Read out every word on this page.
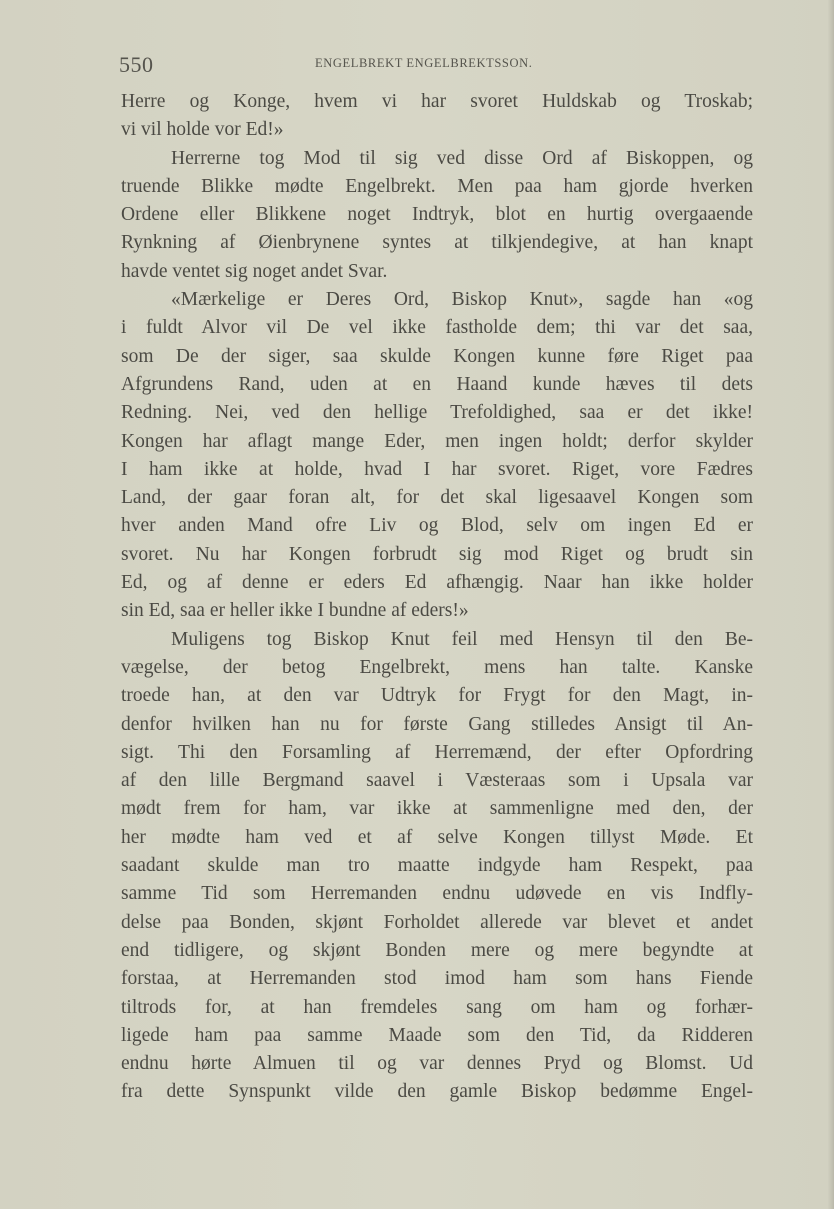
550	ENGELBREKT ENGELBREKTSSON.
Herre og Konge, hvem vi har svoret Huldskab og Troskab;
vi vil holde vor Ed!»
Herrerne tog Mod til sig ved disse Ord af Biskoppen, og
truende Blikke mødte Engelbrekt. Men paa ham gjorde hverken
Ordene eller Blikkene noget Indtryk, blot en hurtig overgaaende
Rynkning af Øienbrynene syntes at tilkjendegive, at han knapt
havde ventet sig noget andet Svar.
«Mærkelige er Deres Ord, Biskop Knut», sagde han «og
i fuldt Alvor vil De vel ikke fastholde dem; thi var det saa,
som De der siger, saa skulde Kongen kunne føre Riget paa
Afgrundens Rand, uden at en Haand kunde hæves til dets
Redning. Nei, ved den hellige Trefoldighed, saa er det ikke!
Kongen har aflagt mange Eder, men ingen holdt; derfor skylder
I ham ikke at holde, hvad I har svoret. Riget, vore Fædres
Land, der gaar foran alt, for det skal ligesaavel Kongen som
hver anden Mand ofre Liv og Blod, selv om ingen Ed er
svoret. Nu har Kongen forbrudt sig mod Riget og brudt sin
Ed, og af denne er eders Ed afhængig. Naar han ikke holder
sin Ed, saa er heller ikke I bundne af eders!»
Muligens tog Biskop Knut feil med Hensyn til den Be-
vægelse, der betog Engelbrekt, mens han talte. Kanske
troede han, at den var Udtryk for Frygt for den Magt, in-
denfor hvilken han nu for første Gang stilledes Ansigt til An-
sigt. Thi den Forsamling af Herremænd, der efter Opfordring
af den lille Bergmand saavel i Væsteraas som i Upsala var
mødt frem for ham, var ikke at sammenligne med den, der
her mødte ham ved et af selve Kongen tillyst Møde. Et
saadant skulde man tro maatte indgyde ham Respekt, paa
samme Tid som Herremanden endnu udøvede en vis Indfly-
delse paa Bonden, skjønt Forholdet allerede var blevet et andet
end tidligere, og skjønt Bonden mere og mere begyndte at
forstaa, at Herremanden stod imod ham som hans Fiende
tiltrods for, at han fremdeles sang om ham og forhær-
ligede ham paa samme Maade som den Tid, da Ridderen
endnu hørte Almuen til og var dennes Pryd og Blomst. Ud
fra dette Synspunkt vilde den gamle Biskop bedømme Engel-
